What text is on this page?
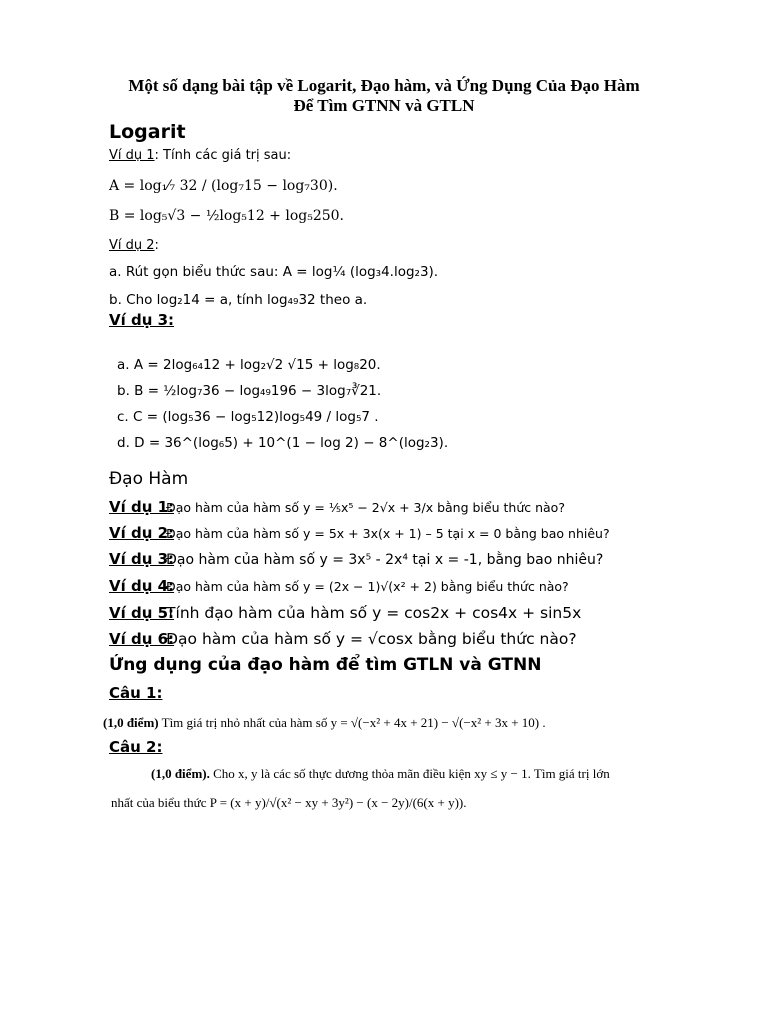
Một số dạng bài tập về Logarit, Đạo hàm, và Ứng Dụng Của Đạo Hàm
Để Tìm GTNN và GTLN
Logarit
Ví dụ 1: Tính các giá trị sau:
A = log₁⁄₇ 32 / (log₇15 − log₇30).
B = log₅√3 − ½log₅12 + log₅250.
Ví dụ 2:
a. Rút gọn biểu thức sau: A = log¼ (log₃4.log₂3).
b. Cho log₂14 = a, tính log₄₉32 theo a.
Ví dụ 3:
a. A = 2log₆₄12 + log₂√2 √15 + log₈20.
b. B = ½log₇36 − log₄₉196 − 3log₇∛21.
c. C = (log₅36 − log₅12)log₅49 / log₅7 .
d. D = 36^(log₆5) + 10^(1 − log 2) − 8^(log₂3).
Đạo Hàm
Ví dụ 1:Đạo hàm của hàm số y = ⅕x⁵ − 2√x + 3/x bằng biểu thức nào?
Ví dụ 2:Đạo hàm của hàm số y = 5x + 3x(x + 1) – 5 tại x = 0 bằng bao nhiêu?
Ví dụ 3:Đạo hàm của hàm số y = 3x⁵ - 2x⁴ tại x = -1, bằng bao nhiêu?
Ví dụ 4:Đạo hàm của hàm số y = (2x − 1)√(x² + 2) bằng biểu thức nào?
Ví dụ 5:Tính đạo hàm của hàm số y = cos2x + cos4x + sin5x
Ví dụ 6:Đạo hàm của hàm số y = √cosx bằng biểu thức nào?
Ứng dụng của đạo hàm để tìm GTLN và GTNN
Câu 1:
(1,0 điểm) Tìm giá trị nhỏ nhất của hàm số y = √(−x² + 4x + 21) − √(−x² + 3x + 10) .
Câu 2:
(1,0 điểm). Cho x, y là các số thực dương thỏa mãn điều kiện xy ≤ y − 1. Tìm giá trị lớn
nhất của biểu thức P = (x + y)/√(x² − xy + 3y²) − (x − 2y)/(6(x + y)).
